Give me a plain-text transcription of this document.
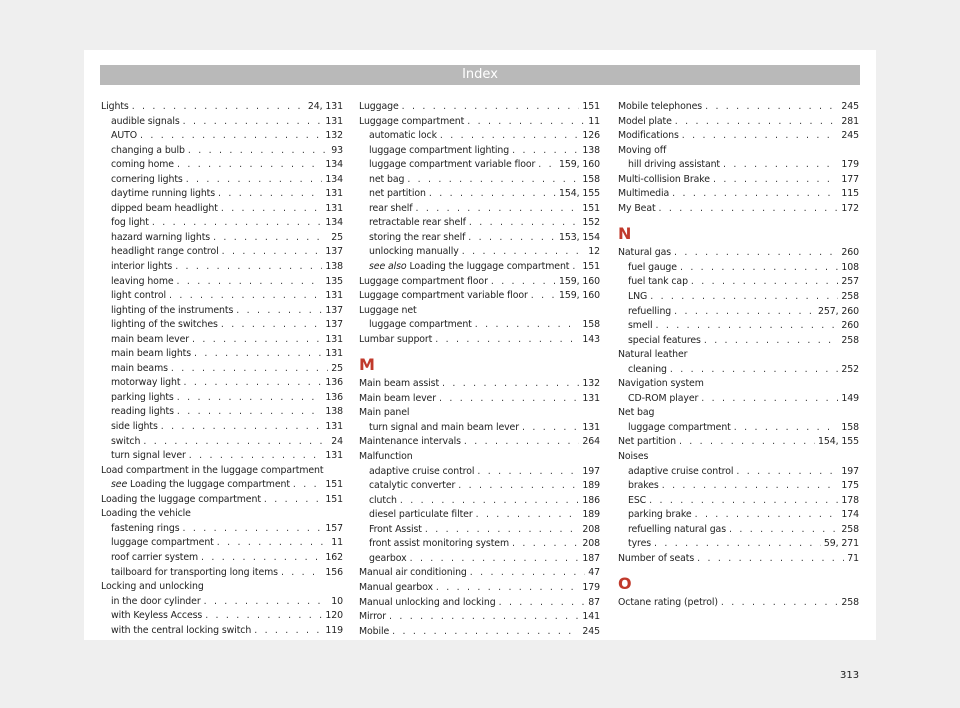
Index
Lights . . .	24, 131
audible signals . . .	131
AUTO . . .	132
changing a bulb . . .	93
coming home . . .	134
cornering lights . . .	134
daytime running lights . . .	131
dipped beam headlight . . .	131
fog light . . .	134
hazard warning lights . . .	25
headlight range control . . .	137
interior lights . . .	138
leaving home . . .	135
light control . . .	131
lighting of the instruments . . .	137
lighting of the switches . . .	137
main beam lever . . .	131
main beam lights . . .	131
main beams . . .	25
motorway light . . .	136
parking lights . . .	136
reading lights . . .	138
side lights . . .	131
switch . . .	24
turn signal lever . . .	131
Load compartment in the luggage compartment
see Loading the luggage compartment . . .	151
Loading the luggage compartment . . .	151
Loading the vehicle
fastening rings . . .	157
luggage compartment . . .	11
roof carrier system . . .	162
tailboard for transporting long items . . .	156
Locking and unlocking
in the door cylinder . . .	10
with Keyless Access . . .	120
with the central locking switch . . .	119
Luggage . . .	151
Luggage compartment . . .	11
automatic lock . . .	126
luggage compartment lighting . . .	138
luggage compartment variable floor . . .	159, 160
net bag . . .	158
net partition . . .	154, 155
rear shelf . . .	151
retractable rear shelf . . .	152
storing the rear shelf . . .	153, 154
unlocking manually . . .	12
see also Loading the luggage compartment . . . 151
Luggage compartment floor . . .	159, 160
Luggage compartment variable floor . . .	159, 160
Luggage net
luggage compartment . . .	158
Lumbar support . . .	143
M
Main beam assist . . .	132
Main beam lever . . .	131
Main panel
turn signal and main beam lever . . .	131
Maintenance intervals . . .	264
Malfunction
adaptive cruise control . . .	197
catalytic converter . . .	189
clutch . . .	186
diesel particulate filter . . .	189
Front Assist . . .	208
front assist monitoring system . . .	208
gearbox . . .	187
Manual air conditioning . . .	47
Manual gearbox . . .	179
Manual unlocking and locking . . .	87
Mirror . . .	141
Mobile . . .	245
Mobile telephones . . .	245
Model plate . . .	281
Modifications . . .	245
Moving off
hill driving assistant . . .	179
Multi-collision Brake . . .	177
Multimedia . . .	115
My Beat . . .	172
N
Natural gas . . .	260
fuel gauge . . .	108
fuel tank cap . . .	257
LNG . . .	258
refuelling . . .	257, 260
smell . . .	260
special features . . .	258
Natural leather
cleaning . . .	252
Navigation system
CD-ROM player . . .	149
Net bag
luggage compartment . . .	158
Net partition . . .	154, 155
Noises
adaptive cruise control . . .	197
brakes . . .	175
ESC . . .	178
parking brake . . .	174
refuelling natural gas . . .	258
tyres . . .	59, 271
Number of seats . . .	71
O
Octane rating (petrol) . . .	258
313
